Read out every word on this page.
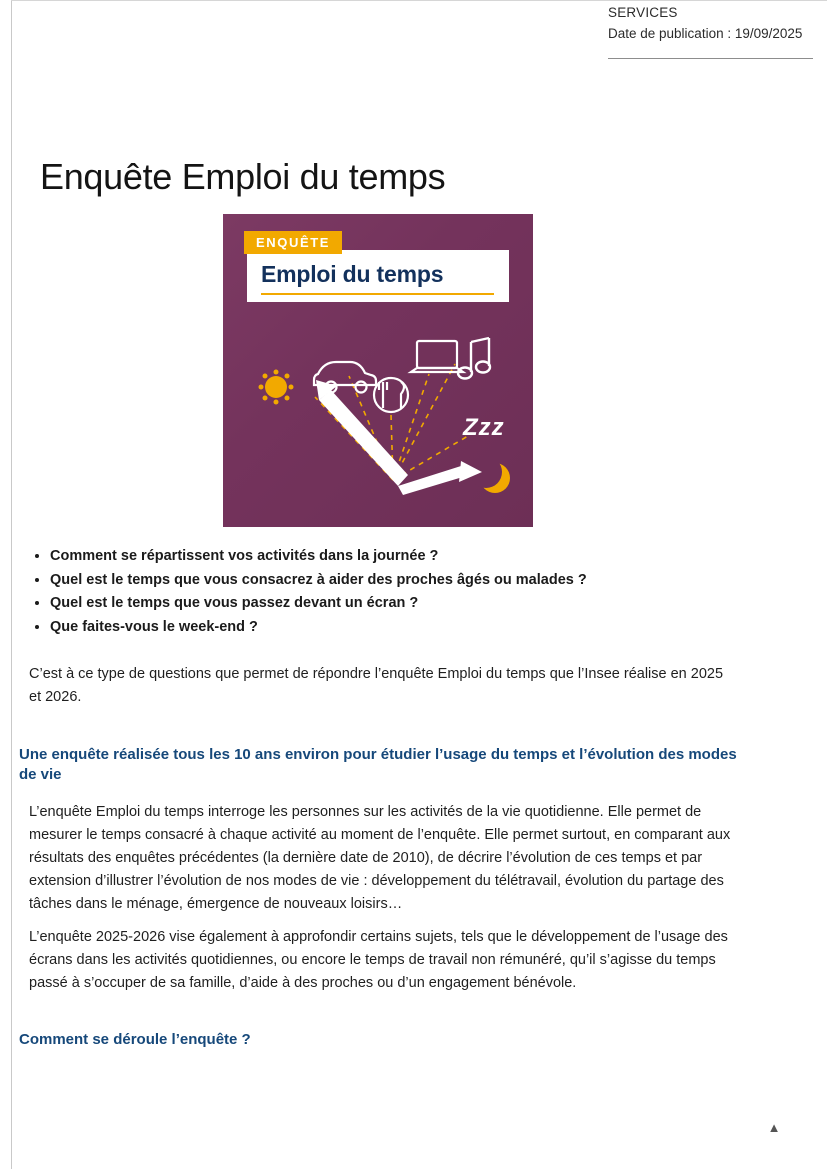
SERVICES
Date de publication : 19/09/2025
Enquête Emploi du temps
ENQUÊTE
Emploi du temps
Zzz
• Comment se répartissent vos activités dans la journée ?
• Quel est le temps que vous consacrez à aider des proches âgés ou malades ?
• Quel est le temps que vous passez devant un écran ?
• Que faites-vous le week-end ?

C’est à ce type de questions que permet de répondre l’enquête Emploi du temps que l’Insee réalise en 2025 et 2026.

Une enquête réalisée tous les 10 ans environ pour étudier l’usage du temps et l’évolution des modes de vie

L’enquête Emploi du temps interroge les personnes sur les activités de la vie quotidienne. Elle permet de mesurer le temps consacré à chaque activité au moment de l’enquête. Elle permet surtout, en comparant aux résultats des enquêtes précédentes (la dernière date de 2010), de décrire l’évolution de ces temps et par extension d’illustrer l’évolution de nos modes de vie : développement du télétravail, évolution du partage des tâches dans le ménage, émergence de nouveaux loisirs…

L’enquête 2025-2026 vise également à approfondir certains sujets, tels que le développement de l’usage des écrans dans les activités quotidiennes, ou encore le temps de travail non rémunéré, qu’il s’agisse du temps passé à s’occuper de sa famille, d’aide à des proches ou d’un engagement bénévole.

Comment se déroule l’enquête ?
▲
